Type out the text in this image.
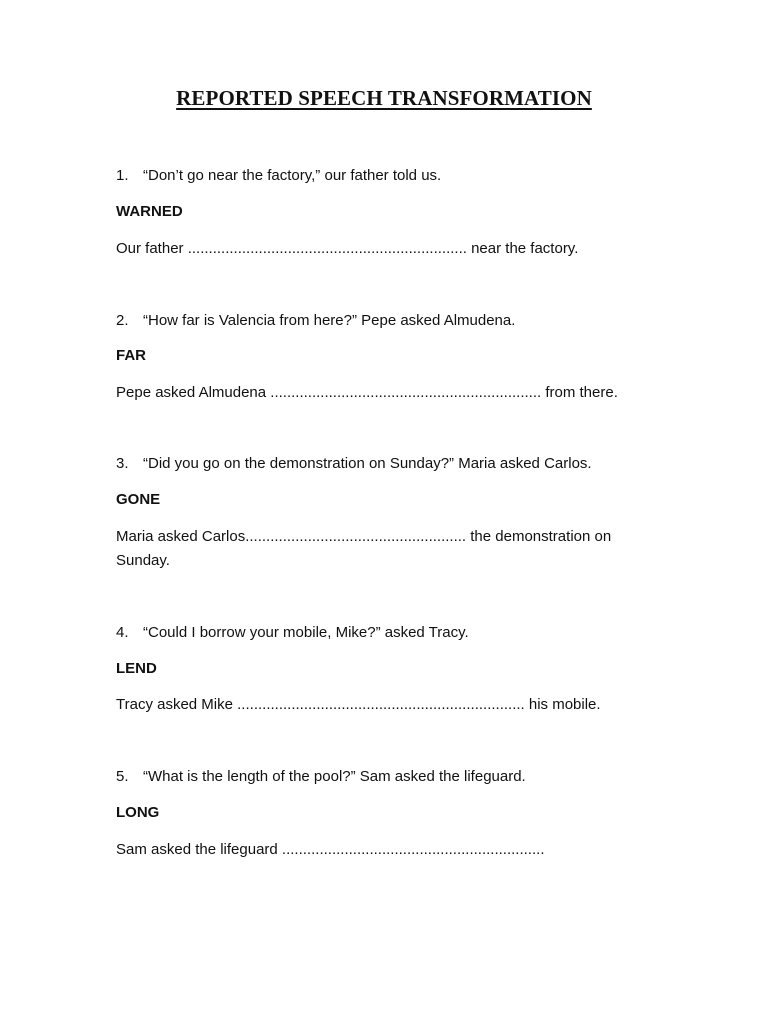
REPORTED SPEECH TRANSFORMATION
1. “Don’t go near the factory,” our father told us.
WARNED
Our father ................................................................... near the factory.
2. “How far is Valencia from here?” Pepe asked Almudena.
FAR
Pepe asked Almudena ................................................................. from there.
3. “Did you go on the demonstration on Sunday?” Maria asked Carlos.
GONE
Maria asked Carlos..................................................... the demonstration on Sunday.
4. “Could I borrow your mobile, Mike?” asked Tracy.
LEND
Tracy asked Mike ..................................................................... his mobile.
5. “What is the length of the pool?” Sam asked the lifeguard.
LONG
Sam asked the lifeguard ...............................................................
